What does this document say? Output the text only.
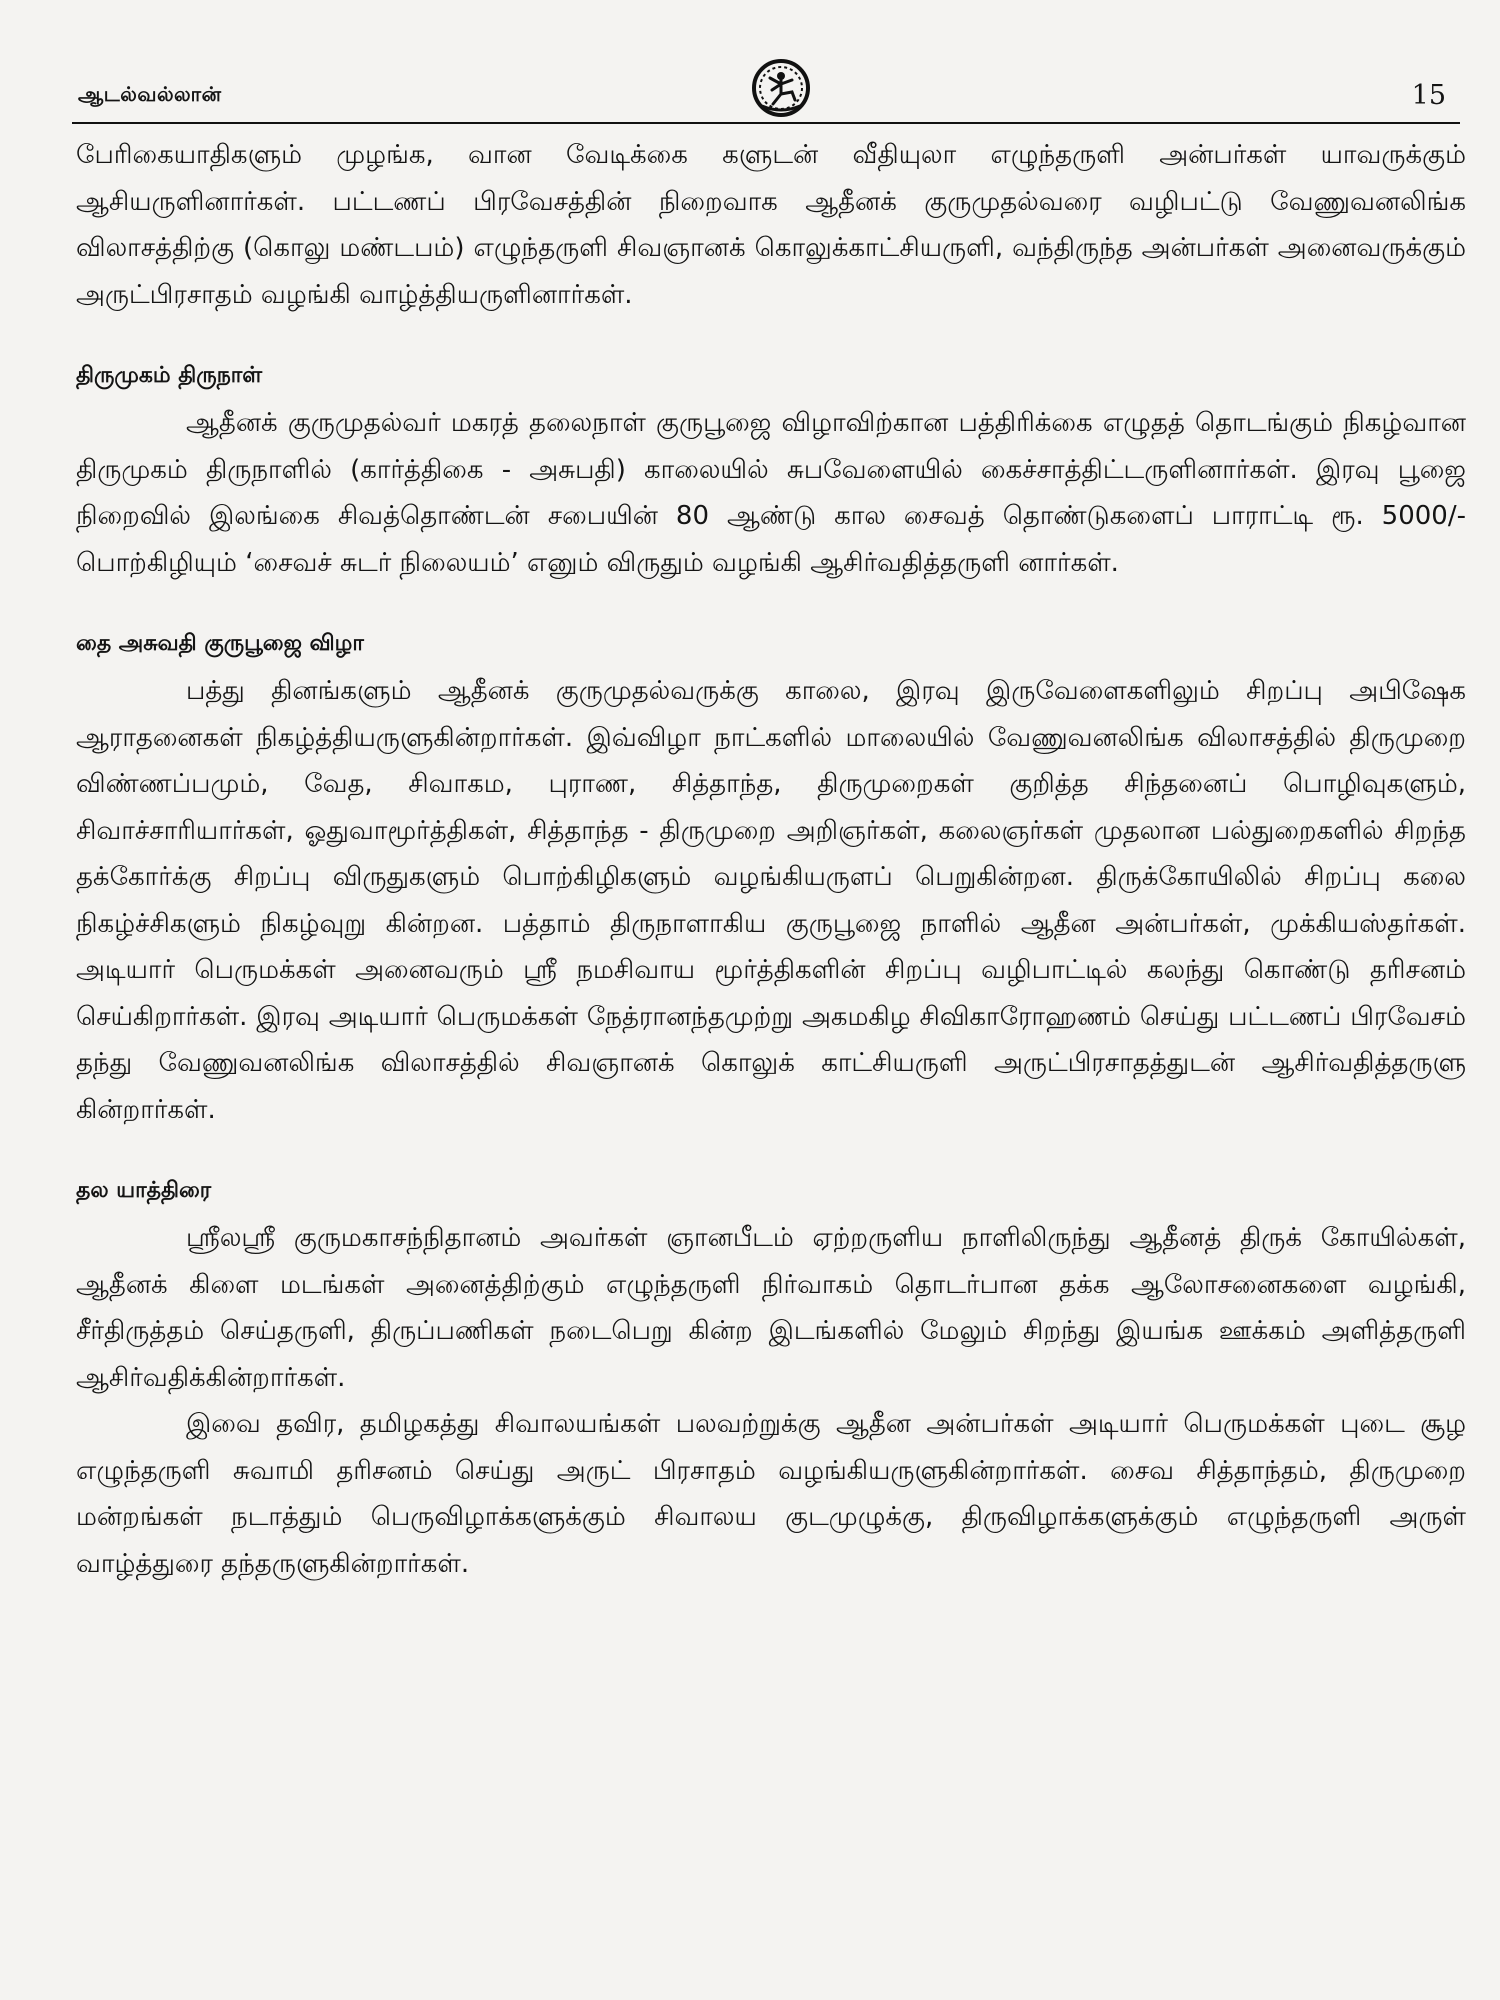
ஆடல்வல்லான்	15

பேரிகையாதிகளும் முழங்க, வான வேடிக்கை களுடன் வீதியுலா எழுந்தருளி அன்பர்கள் யாவருக்கும் ஆசியருளினார்கள். பட்டணப் பிரவேசத்தின் நிறைவாக ஆதீனக் குருமுதல்வரை வழிபட்டு வேணுவனலிங்க விலாசத்திற்கு (கொலு மண்டபம்) எழுந்தருளி சிவஞானக் கொலுக்காட்சியருளி, வந்திருந்த அன்பர்கள் அனைவருக்கும் அருட்பிரசாதம் வழங்கி வாழ்த்தியருளினார்கள்.

திருமுகம் திருநாள்

ஆதீனக் குருமுதல்வர் மகரத் தலைநாள் குருபூஜை விழாவிற்கான பத்திரிக்கை எழுதத் தொடங்கும் நிகழ்வான திருமுகம் திருநாளில் (கார்த்திகை - அசுபதி) காலையில் சுபவேளையில் கைச்சாத்திட்டருளினார்கள். இரவு பூஜை நிறைவில் இலங்கை சிவத்தொண்டன் சபையின் 80 ஆண்டு கால சைவத் தொண்டுகளைப் பாராட்டி ரூ. 5000/- பொற்கிழியும் ‘சைவச் சுடர் நிலையம்’ எனும் விருதும் வழங்கி ஆசிர்வதித்தருளி னார்கள்.

தை அசுவதி குருபூஜை விழா

பத்து தினங்களும் ஆதீனக் குருமுதல்வருக்கு காலை, இரவு இருவேளைகளிலும் சிறப்பு அபிஷேக ஆராதனைகள் நிகழ்த்தியருளுகின்றார்கள். இவ்விழா நாட்களில் மாலையில் வேணுவனலிங்க விலாசத்தில் திருமுறை விண்ணப்பமும், வேத, சிவாகம, புராண, சித்தாந்த, திருமுறைகள் குறித்த சிந்தனைப் பொழிவுகளும், சிவாச்சாரியார்கள், ஓதுவாமூர்த்திகள், சித்தாந்த - திருமுறை அறிஞர்கள், கலைஞர்கள் முதலான பல்துறைகளில் சிறந்த தக்கோர்க்கு சிறப்பு விருதுகளும் பொற்கிழிகளும் வழங்கியருளப் பெறுகின்றன. திருக்கோயிலில் சிறப்பு கலை நிகழ்ச்சிகளும் நிகழ்வுறு கின்றன. பத்தாம் திருநாளாகிய குருபூஜை நாளில் ஆதீன அன்பர்கள், முக்கியஸ்தர்கள். அடியார் பெருமக்கள் அனைவரும் ஸ்ரீ நமசிவாய மூர்த்திகளின் சிறப்பு வழிபாட்டில் கலந்து கொண்டு தரிசனம் செய்கிறார்கள். இரவு அடியார் பெருமக்கள் நேத்ரானந்தமுற்று அகமகிழ சிவிகாரோஹணம் செய்து பட்டணப் பிரவேசம் தந்து வேணுவனலிங்க விலாசத்தில் சிவஞானக் கொலுக் காட்சியருளி அருட்பிரசாதத்துடன் ஆசிர்வதித்தருளு கின்றார்கள்.

தல யாத்திரை

ஸ்ரீலஸ்ரீ குருமகாசந்நிதானம் அவர்கள் ஞானபீடம் ஏற்றருளிய நாளிலிருந்து ஆதீனத் திருக் கோயில்கள், ஆதீனக் கிளை மடங்கள் அனைத்திற்கும் எழுந்தருளி நிர்வாகம் தொடர்பான தக்க ஆலோசனைகளை வழங்கி, சீர்திருத்தம் செய்தருளி, திருப்பணிகள் நடைபெறு கின்ற இடங்களில் மேலும் சிறந்து இயங்க ஊக்கம் அளித்தருளி ஆசிர்வதிக்கின்றார்கள்.

இவை தவிர, தமிழகத்து சிவாலயங்கள் பலவற்றுக்கு ஆதீன அன்பர்கள் அடியார் பெருமக்கள் புடை சூழ எழுந்தருளி சுவாமி தரிசனம் செய்து அருட் பிரசாதம் வழங்கியருளுகின்றார்கள். சைவ சித்தாந்தம், திருமுறை மன்றங்கள் நடாத்தும் பெருவிழாக்களுக்கும் சிவாலய குடமுழுக்கு, திருவிழாக்களுக்கும் எழுந்தருளி அருள் வாழ்த்துரை தந்தருளுகின்றார்கள்.
